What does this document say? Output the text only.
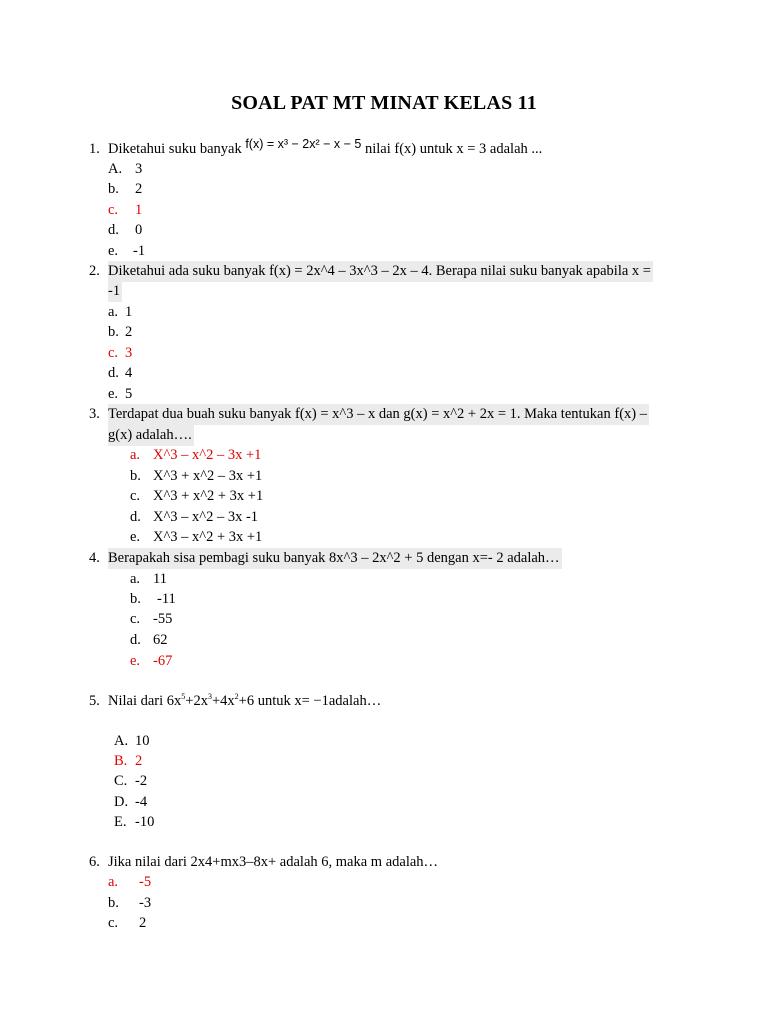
SOAL PAT MT MINAT KELAS 11
1. Diketahui suku banyak f(x) = x³ − 2x² − x − 5 nilai f(x) untuk x = 3 adalah ...
A. 3
b. 2
c. 1
d. 0
e. -1
2. Diketahui ada suku banyak f(x) = 2x^4 – 3x^3 – 2x – 4. Berapa nilai suku banyak apabila x =
-1
a. 1
b. 2
c. 3
d. 4
e. 5
3. Terdapat dua buah suku banyak f(x) = x^3 – x dan g(x) = x^2 + 2x = 1. Maka tentukan f(x) –
g(x) adalah….
a. X^3 – x^2 – 3x +1
b. X^3 + x^2 – 3x +1
c. X^3 + x^2 + 3x +1
d. X^3 – x^2 – 3x -1
e. X^3 – x^2 + 3x +1
4. Berapakah sisa pembagi suku banyak 8x^3 – 2x^2 + 5 dengan x=- 2 adalah…
a. 11
b. -11
c. -55
d. 62
e. -67
5. Nilai dari $6x^5+2x^3+4x^2+6$ untuk x= −1adalah…
A. 10
B. 2
C. -2
D. -4
E. -10
6. Jika nilai dari 2x4+mx3–8x+ adalah 6, maka m adalah…
a. -5
b. -3
c. 2
